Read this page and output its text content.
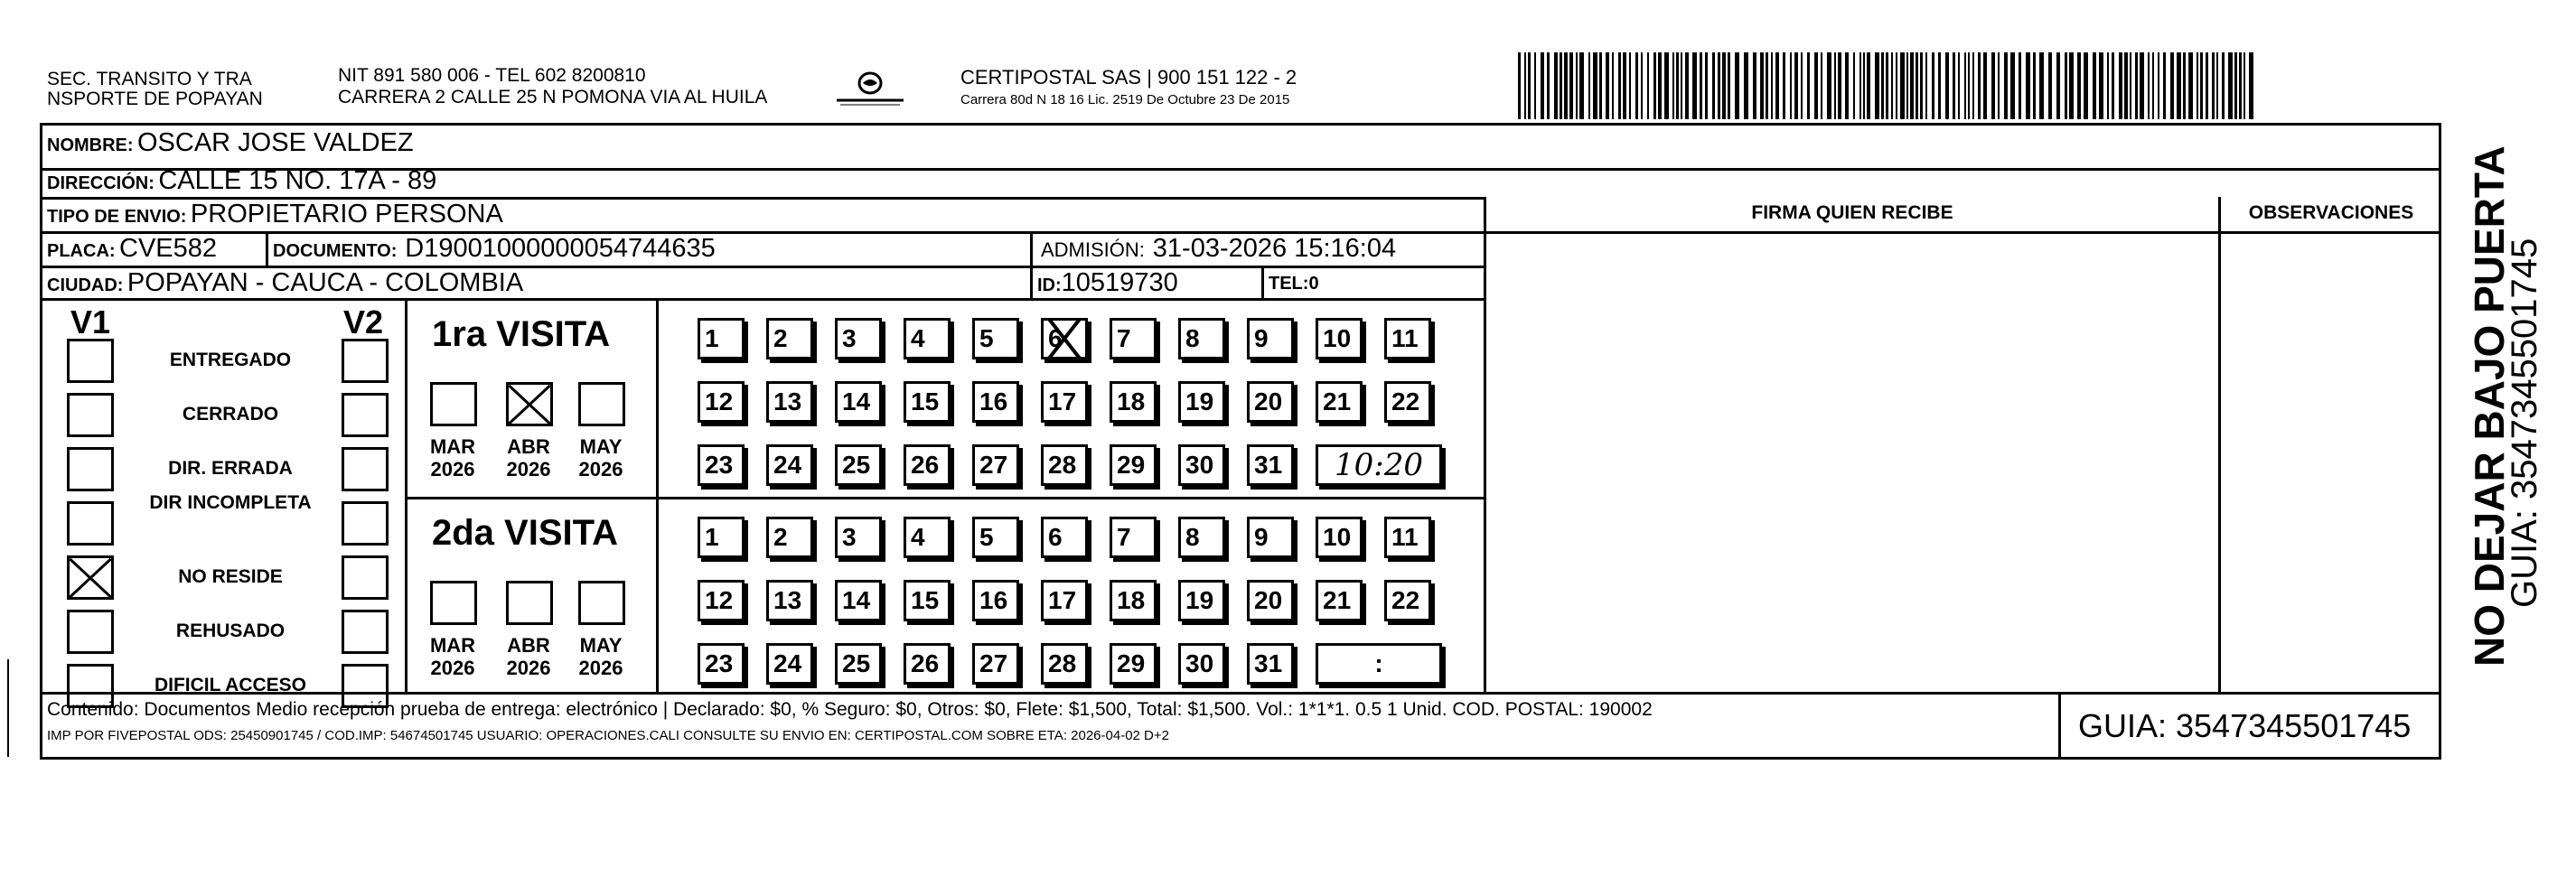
SEC. TRANSITO Y TRA
NSPORTE DE POPAYAN
NIT 891 580 006 - TEL 602 8200810
CARRERA 2 CALLE 25 N POMONA VIA AL HUILA
CERTIPOSTAL SAS | 900 151 122 - 2
Carrera 80d N 18 16 Lic. 2519 De Octubre 23 De 2015
NOMBRE: OSCAR JOSE VALDEZ
DIRECCIÓN: CALLE 15 NO. 17A - 89
TIPO DE ENVIO: PROPIETARIO PERSONA	FIRMA QUIEN RECIBE	OBSERVACIONES
PLACA: CVE582	DOCUMENTO: D19001000000054744635	ADMISIÓN: 31-03-2026 15:16:04
CIUDAD: POPAYAN - CAUCA - COLOMBIA	ID:10519730	TEL:0
V1	V2
ENTREGADO
CERRADO
DIR. ERRADA
DIR INCOMPLETA
NO RESIDE
REHUSADO
DIFICIL ACCESO
1ra VISITA
MAR
2026
ABR
2026
MAY
2026
1	2	3	4	5	6	7	8	9	10	11
12	13	14	15	16	17	18	19	20	21	22
23	24	25	26	27	28	29	30	31	10:20
2da VISITA
MAR
2026
ABR
2026
MAY
2026
1	2	3	4	5	6	7	8	9	10	11
12	13	14	15	16	17	18	19	20	21	22
23	24	25	26	27	28	29	30	31	:
Contenido: Documentos Medio recepción prueba de entrega: electrónico | Declarado: $0, % Seguro: $0, Otros: $0, Flete: $1,500, Total: $1,500. Vol.: 1*1*1. 0.5 1 Unid. COD. POSTAL: 190002
IMP POR FIVEPOSTAL ODS: 25450901745 / COD.IMP: 54674501745 USUARIO: OPERACIONES.CALI CONSULTE SU ENVIO EN: CERTIPOSTAL.COM SOBRE ETA: 2026-04-02 D+2	GUIA: 3547345501745
NO DEJAR BAJO PUERTA
GUIA: 3547345501745
